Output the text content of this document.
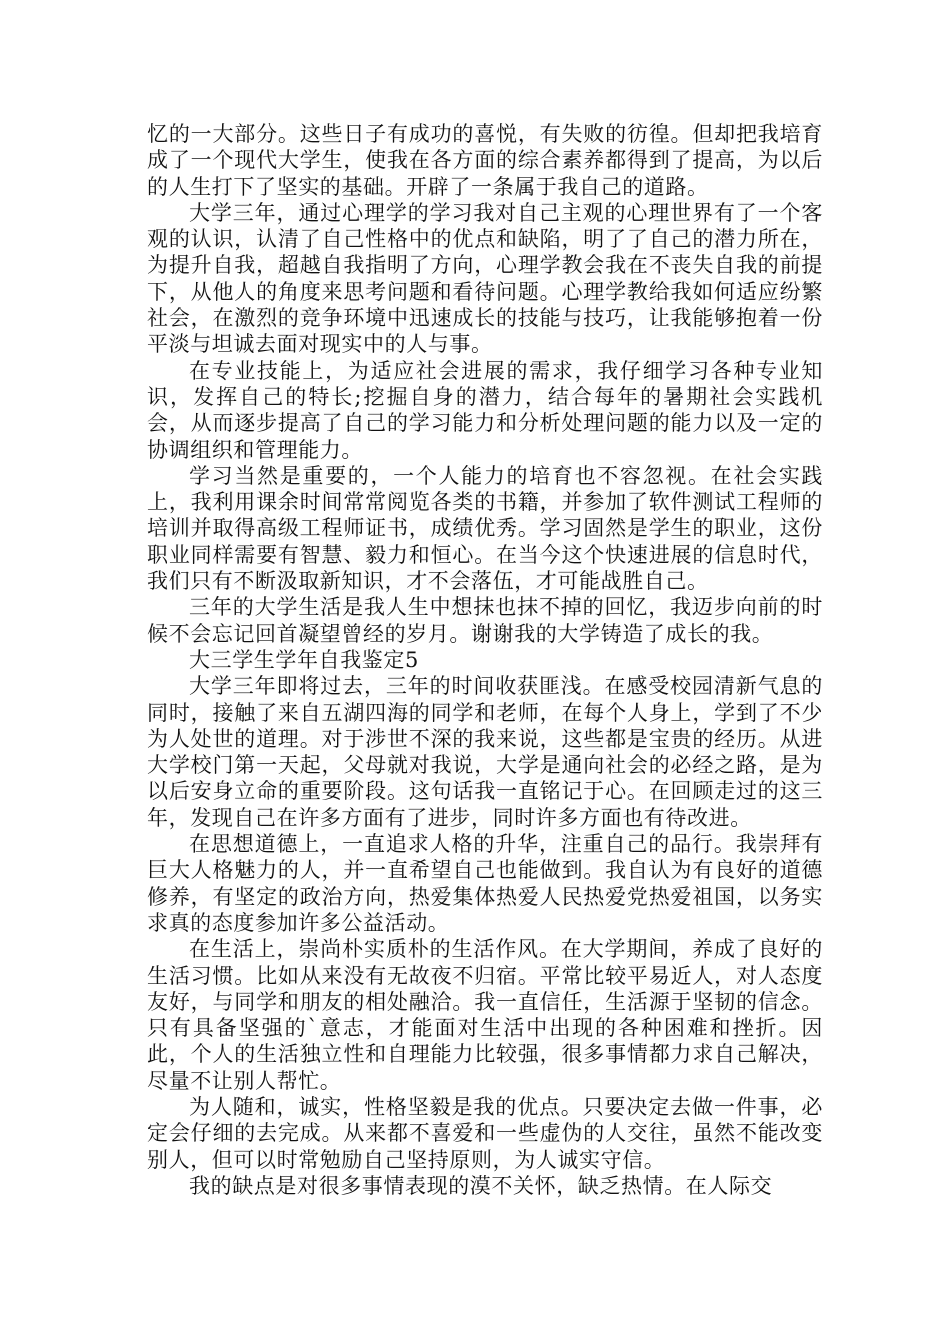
忆的一大部分。这些日子有成功的喜悦，有失败的彷徨。但却把我培育成了一个现代大学生，使我在各方面的综合素养都得到了提高，为以后的人生打下了坚实的基础。开辟了一条属于我自己的道路。

大学三年，通过心理学的学习我对自己主观的心理世界有了一个客观的认识，认清了自己性格中的优点和缺陷，明了了自己的潜力所在，为提升自我，超越自我指明了方向，心理学教会我在不丧失自我的前提下，从他人的角度来思考问题和看待问题。心理学教给我如何适应纷繁社会，在激烈的竞争环境中迅速成长的技能与技巧，让我能够抱着一份平淡与坦诚去面对现实中的人与事。

在专业技能上，为适应社会进展的需求，我仔细学习各种专业知识，发挥自己的特长;挖掘自身的潜力，结合每年的暑期社会实践机会，从而逐步提高了自己的学习能力和分析处理问题的能力以及一定的协调组织和管理能力。

学习当然是重要的，一个人能力的培育也不容忽视。在社会实践上，我利用课余时间常常阅览各类的书籍，并参加了软件测试工程师的培训并取得高级工程师证书，成绩优秀。学习固然是学生的职业，这份职业同样需要有智慧、毅力和恒心。在当今这个快速进展的信息时代，我们只有不断汲取新知识，才不会落伍，才可能战胜自己。

三年的大学生活是我人生中想抹也抹不掉的回忆，我迈步向前的时候不会忘记回首凝望曾经的岁月。谢谢我的大学铸造了成长的我。

大三学生学年自我鉴定5

大学三年即将过去，三年的时间收获匪浅。在感受校园清新气息的同时，接触了来自五湖四海的同学和老师，在每个人身上，学到了不少为人处世的道理。对于涉世不深的我来说，这些都是宝贵的经历。从进大学校门第一天起，父母就对我说，大学是通向社会的必经之路，是为以后安身立命的重要阶段。这句话我一直铭记于心。在回顾走过的这三年，发现自己在许多方面有了进步，同时许多方面也有待改进。

在思想道德上，一直追求人格的升华，注重自己的品行。我崇拜有巨大人格魅力的人，并一直希望自己也能做到。我自认为有良好的道德修养，有坚定的政治方向，热爱集体热爱人民热爱党热爱祖国，以务实求真的态度参加许多公益活动。

在生活上，崇尚朴实质朴的生活作风。在大学期间，养成了良好的生活习惯。比如从来没有无故夜不归宿。平常比较平易近人，对人态度友好，与同学和朋友的相处融洽。我一直信任，生活源于坚韧的信念。只有具备坚强的`意志，才能面对生活中出现的各种困难和挫折。因此，个人的生活独立性和自理能力比较强，很多事情都力求自己解决，尽量不让别人帮忙。

为人随和，诚实，性格坚毅是我的优点。只要决定去做一件事，必定会仔细的去完成。从来都不喜爱和一些虚伪的人交往，虽然不能改变别人，但可以时常勉励自己坚持原则，为人诚实守信。

我的缺点是对很多事情表现的漠不关怀，缺乏热情。在人际交
